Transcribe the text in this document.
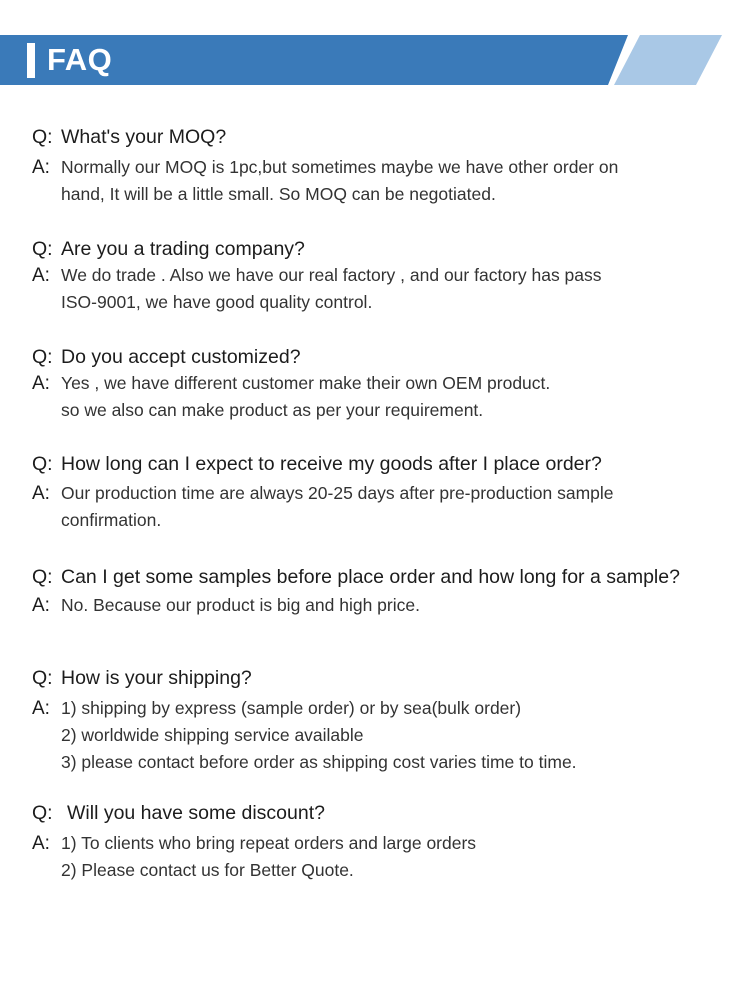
FAQ
Q: What's your MOQ?
A: Normally our MOQ is 1pc,but sometimes maybe we have other order on
hand, It will be a little small. So MOQ can be negotiated.
Q: Are you a trading company?
A: We do trade . Also we have our real factory , and our factory has pass
ISO-9001, we have good quality control.
Q: Do you accept customized?
A: Yes , we have different customer make their own OEM product.
so we also can make product as per your requirement.
Q: How long can I expect to receive my goods after I place order?
A: Our production time are always 20-25 days after pre-production sample
confirmation.
Q: Can I get some samples before place order and how long for a sample?
A: No. Because our product is big and high price.
Q: How is your shipping?
A: 1) shipping by express (sample order) or by sea(bulk order)
2) worldwide shipping service available
3) please contact before order as shipping cost varies time to time.
Q: Will you have some discount?
A: 1) To clients who bring repeat orders and large orders
2) Please contact us for Better Quote.
